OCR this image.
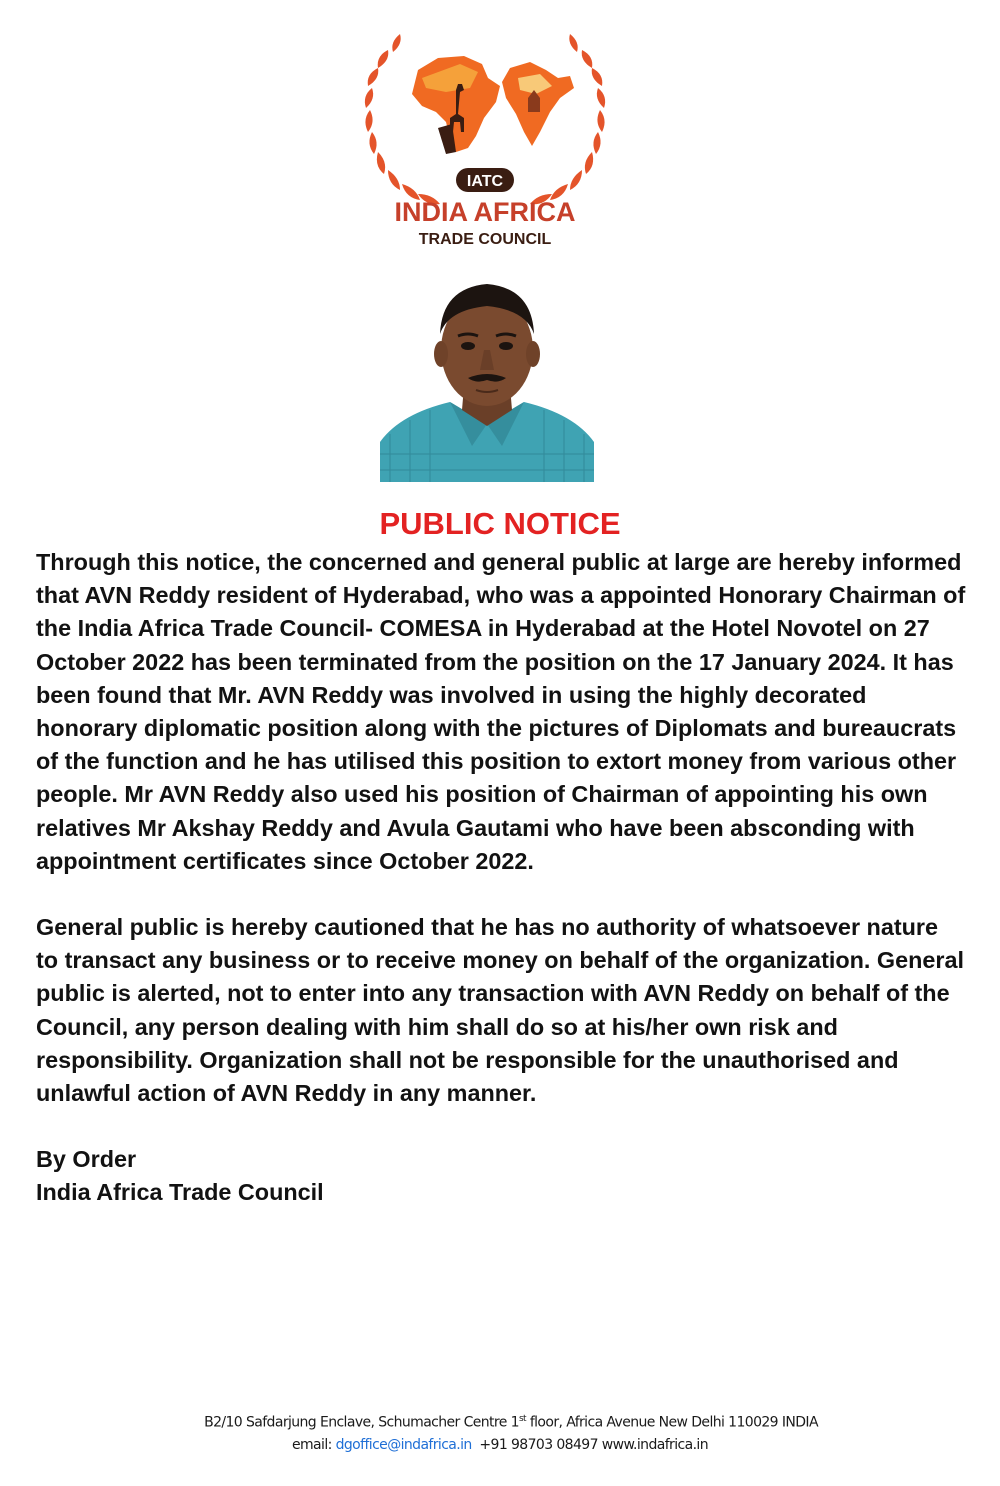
IATC
INDIA AFRICA
TRADE COUNCIL
PUBLIC NOTICE

Through this notice, the concerned and general public at large are hereby informed that AVN Reddy resident of Hyderabad, who was a appointed Honorary Chairman of the India Africa Trade Council- COMESA in Hyderabad at the Hotel Novotel on 27 October 2022 has been terminated from the position on the 17 January 2024. It has been found that Mr. AVN Reddy was involved in using the highly decorated honorary diplomatic position along with the pictures of Diplomats and bureaucrats of the function and he has utilised this position to extort money from various other people. Mr AVN Reddy also used his position of Chairman of appointing his own relatives Mr Akshay Reddy and Avula Gautami who have been absconding with appointment certificates since October 2022.

General public is hereby cautioned that he has no authority of whatsoever nature to transact any business or to receive money on behalf of the organization. General public is alerted, not to enter into any transaction with AVN Reddy on behalf of the Council, any person dealing with him shall do so at his/her own risk and responsibility. Organization shall not be responsible for the unauthorised and unlawful action of AVN Reddy in any manner.

By Order

India Africa Trade Council

B2/10 Safdarjung Enclave, Schumacher Centre 1st floor, Africa Avenue New Delhi 110029 INDIA
email: dgoffice@indafrica.in +91 98703 08497 www.indafrica.in
